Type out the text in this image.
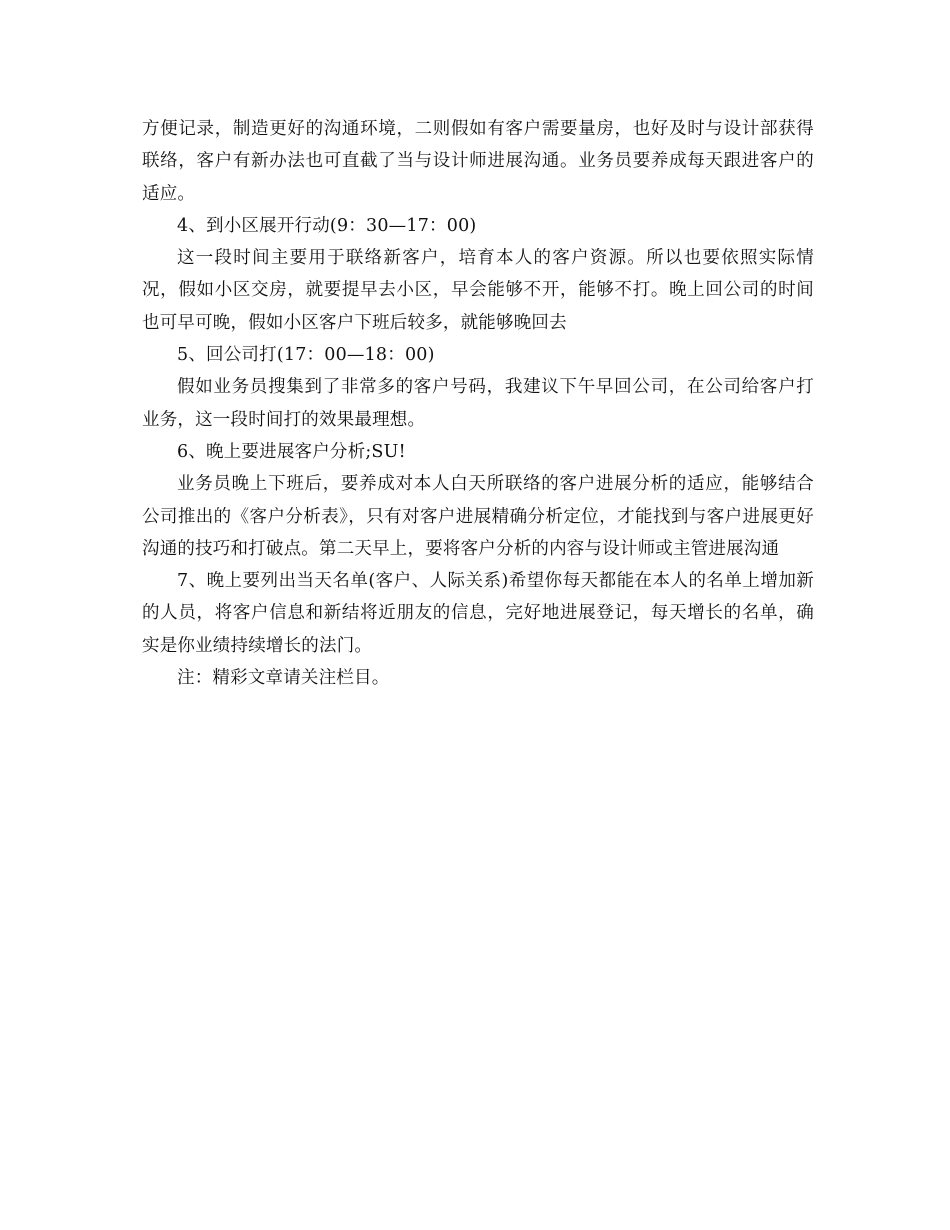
方便记录，制造更好的沟通环境，二则假如有客户需要量房，也好及时与设计部获得联络，客户有新办法也可直截了当与设计师进展沟通。业务员要养成每天跟进客户的适应。

4、到小区展开行动(9：30—17：00)

这一段时间主要用于联络新客户，培育本人的客户资源。所以也要依照实际情况，假如小区交房，就要提早去小区，早会能够不开，能够不打。晚上回公司的时间也可早可晚，假如小区客户下班后较多，就能够晚回去

5、回公司打(17：00—18：00)

假如业务员搜集到了非常多的客户号码，我建议下午早回公司，在公司给客户打业务，这一段时间打的效果最理想。

6、晚上要进展客户分析;SU!

业务员晚上下班后，要养成对本人白天所联络的客户进展分析的适应，能够结合公司推出的《客户分析表》，只有对客户进展精确分析定位，才能找到与客户进展更好沟通的技巧和打破点。第二天早上，要将客户分析的内容与设计师或主管进展沟通

7、晚上要列出当天名单(客户、人际关系)希望你每天都能在本人的名单上增加新的人员，将客户信息和新结将近朋友的信息，完好地进展登记，每天增长的名单，确实是你业绩持续增长的法门。

注：精彩文章请关注栏目。
